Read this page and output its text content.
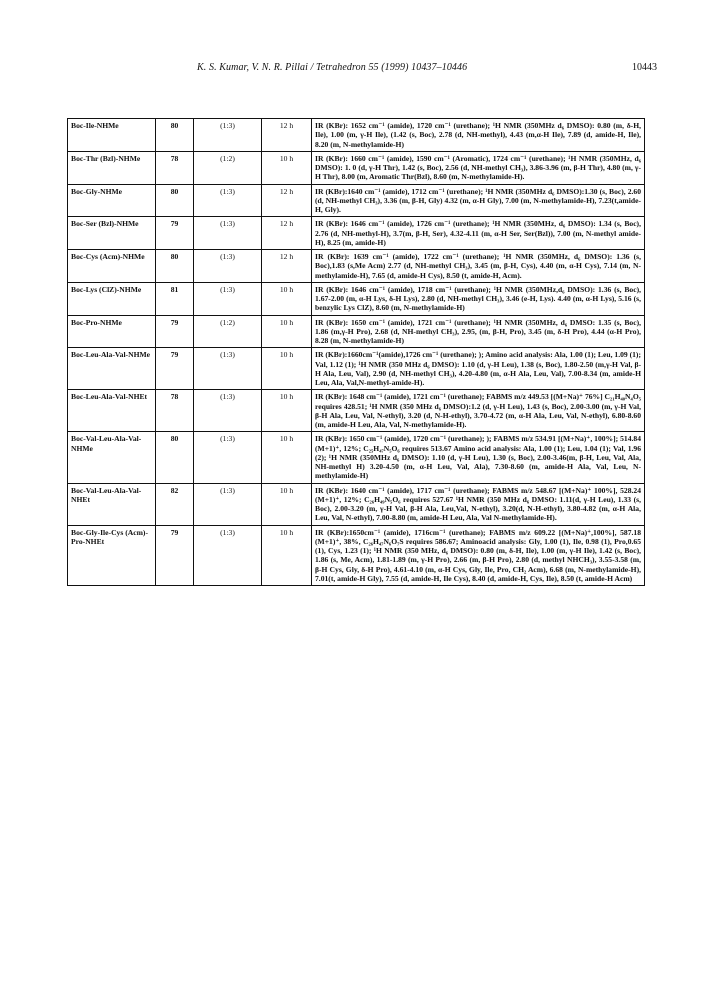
K. S. Kumar, V. N. R. Pillai / Tetrahedron 55 (1999) 10437–10446	10443
Boc-Ile-NHMe	80	(1:3)	12 h	IR (KBr): 1652 cm⁻¹ (amide), 1720 cm⁻¹ (urethane); ¹H NMR (350MHz d₆ DMSO): 0.80 (m, δ-H, Ile), 1.00 (m, γ-H Ile), (1.42 (s, Boc), 2.78 (d, NH-methyl), 4.43 (m,α-H Ile), 7.89 (d, amide-H, Ile), 8.20 (m, N-methylamide-H)
Boc-Thr (Bzl)-NHMe	78	(1:2)	10 h	IR (KBr): 1660 cm⁻¹ (amide), 1590 cm⁻¹ (Aromatic), 1724 cm⁻¹ (urethane); ¹H NMR (350MHz, d₆ DMSO): 1. 0 (d, γ-H Thr), 1.42 (s, Boc), 2.56 (d, NH-methyl CH₃), 3.86-3.96 (m, β-H Thr), 4.80 (m, γ-H Thr), 8.00 (m, Aromatic Thr(Bzl), 8.60 (m, N-methylamide-H).
Boc-Gly-NHMe	80	(1:3)	12 h	IR (KBr):1640 cm⁻¹ (amide), 1712 cm⁻¹ (urethane); ¹H NMR (350MHz d₆ DMSO):1.30 (s, Boc), 2.60 (d, NH-methyl CH₃), 3.36 (m, β-H, Gly) 4.32 (m, α-H Gly), 7.00 (m, N-methylamide-H), 7.23(t,amide-H, Gly).
Boc-Ser (Bzl)-NHMe	79	(1:3)	12 h	IR (KBr): 1646 cm⁻¹ (amide), 1726 cm⁻¹ (urethane); ¹H NMR (350MHz, d₆ DMSO): 1.34 (s, Boc), 2.76 (d, NH-methyl-H), 3.7(m, β-H, Ser), 4.32-4.11 (m, α-H Ser, Ser(Bzl)), 7.00 (m, N-methyl amide-H), 8.25 (m, amide-H)
Boc-Cys (Acm)-NHMe	80	(1:3)	12 h	IR (KBr): 1639 cm⁻¹ (amide), 1722 cm⁻¹ (urethane); ¹H NMR (350MHz, d₆ DMSO): 1.36 (s, Boc),1.83 (s,Me Acm) 2.77 (d, NH-methyl CH₃), 3.45 (m, β-H, Cys), 4.40 (m, α-H Cys), 7.14 (m, N-methylamide-H), 7.65 (d, amide-H Cys), 8.50 (t, amide-H, Acm).
Boc-Lys (ClZ)-NHMe	81	(1:3)	10 h	IR (KBr): 1646 cm⁻¹ (amide), 1718 cm⁻¹ (urethane); ¹H NMR (350MHz,d₆ DMSO): 1.36 (s, Boc), 1.67-2.00 (m, α-H Lys, δ-H Lys), 2.80 (d, NH-methyl CH₃), 3.46 (e-H, Lys). 4.40 (m, α-H Lys), 5.16 (s, benzylic Lys ClZ), 8.60 (m, N-methylamide-H)
Boc-Pro-NHMe	79	(1:2)	10 h	IR (KBr): 1650 cm⁻¹ (amide), 1721 cm⁻¹ (urethane); ¹H NMR (350MHz, d₆ DMSO: 1.35 (s, Boc), 1.86 (m,γ-H Pro), 2.68 (d, NH-methyl CH₃), 2.95, (m, β-H, Pro), 3.45 (m, δ-H Pro), 4.44 (α-H Pro), 8.28 (m, N-methylamide-H)
Boc-Leu-Ala-Val-NHMe	79	(1:3)	10 h	IR (KBr):1660cm⁻¹(amide),1726 cm⁻¹ (urethane); ); Amino acid analysis: Ala, 1.00 (1); Leu, 1.09 (1); Val, 1.12 (1); ¹H NMR (350 MHz d₆ DMSO): 1.10 (d, γ-H Leu), 1.38 (s, Boc), 1.80-2.50 (m,γ-H Val, β-H Ala, Leu, Val), 2.90 (d, NH-methyl CH₃), 4.20-4.80 (m, α-H Ala, Leu, Val), 7.00-8.34 (m, amide-H Leu, Ala, Val,N-methyl-amide-H).
Boc-Leu-Ala-Val-NHEt	78	(1:3)	10 h	IR (KBr): 1648 cm⁻¹ (amide), 1721 cm⁻¹ (urethane); FABMS m/z 449.53 [(M+Na)⁺ 76%] C₂₁H₄₀N₄O₅ requires 428.51; ¹H NMR (350 MHz d₆ DMSO):1.2 (d, γ-H Leu), 1.43 (s, Boc), 2.00-3.00 (m, γ-H Val, β-H Ala, Leu, Val, N-ethyl), 3.20 (d, N-H-ethyl), 3.70-4.72 (m, α-H Ala, Leu, Val, N-ethyl), 6.80-8.60 (m, amide-H Leu, Ala, Val, N-methylamide-H).
Boc-Val-Leu-Ala-Val-NHMe	80	(1:3)	10 h	IR (KBr): 1650 cm⁻¹ (amide), 1720 cm⁻¹ (urethane); ); FABMS m/z 534.91 [(M+Na)⁺, 100%]; 514.84 (M+1)⁺, 12%; C₂₅H₄₇N₅O₆ requires 513.67 Amino acid analysis: Ala, 1.00 (1); Leu, 1.04 (1); Val, 1.96 (2); ¹H NMR (350MHz d₆ DMSO): 1.10 (d, γ-H Leu), 1.30 (s, Boc), 2.00-3.46(m, β-H, Leu, Val, Ala, NH-methyl H) 3.20-4.50 (m, α-H Leu, Val, Ala), 7.30-8.60 (m, amide-H Ala, Val, Leu, N-methylamide-H)
Boc-Val-Leu-Ala-Val-NHEt	82	(1:3)	10 h	IR (KBr): 1640 cm⁻¹ (amide), 1717 cm⁻¹ (urethane); FABMS m/z 548.67 [(M+Na)⁺ 100%], 528.24 (M+1)⁺, 12%; C₂₆H₄₉N₅O₆ requires 527.67 ¹H NMR (350 MHz d₆ DMSO: 1.11(d, γ-H Leu), 1.33 (s, Boc), 2.00-3.20 (m, γ-H Val, β-H Ala, Leu,Val, N-ethyl), 3.20(d, N-H-ethyl), 3.80-4.82 (m, α-H Ala, Leu, Val, N-ethyl), 7.00-8.80 (m, amide-H Leu, Ala, Val N-methylamide-H).
Boc-Gly-Ile-Cys (Acm)-Pro-NHEt	79	(1:3)	10 h	IR (KBr):1650cm⁻¹ (amide), 1716cm⁻¹ (urethane); FABMS m/z 609.22 [(M+Na)⁺,100%], 587.18 (M+1)⁺, 38%, C₂₆H₄₇N₆O₇S requires 586.67; Aminoacid analysis: Gly, 1.00 (1), Ile, 0.98 (1), Pro,0.65 (1), Cys, 1.23 (1); ¹H NMR (350 MHz, d₆ DMSO): 0.80 (m, δ-H, Ile), 1.00 (m, γ-H Ile), 1.42 (s, Boc), 1.86 (s, Me, Acm), 1.81-1.89 (m, γ-H Pro), 2.66 (m, β-H Pro), 2.80 (d, methyl NHCH₃), 3.55-3.58 (m, β-H Cys, Gly, δ-H Pro), 4.61-4.10 (m, α-H Cys, Gly, Ile, Pro, CH₂ Acm), 6.68 (m, N-methylamide-H), 7.01(t, amide-H Gly), 7.55 (d, amide-H, Ile Cys), 8.40 (d, amide-H, Cys, Ile), 8.50 (t, amide-H Acm)
